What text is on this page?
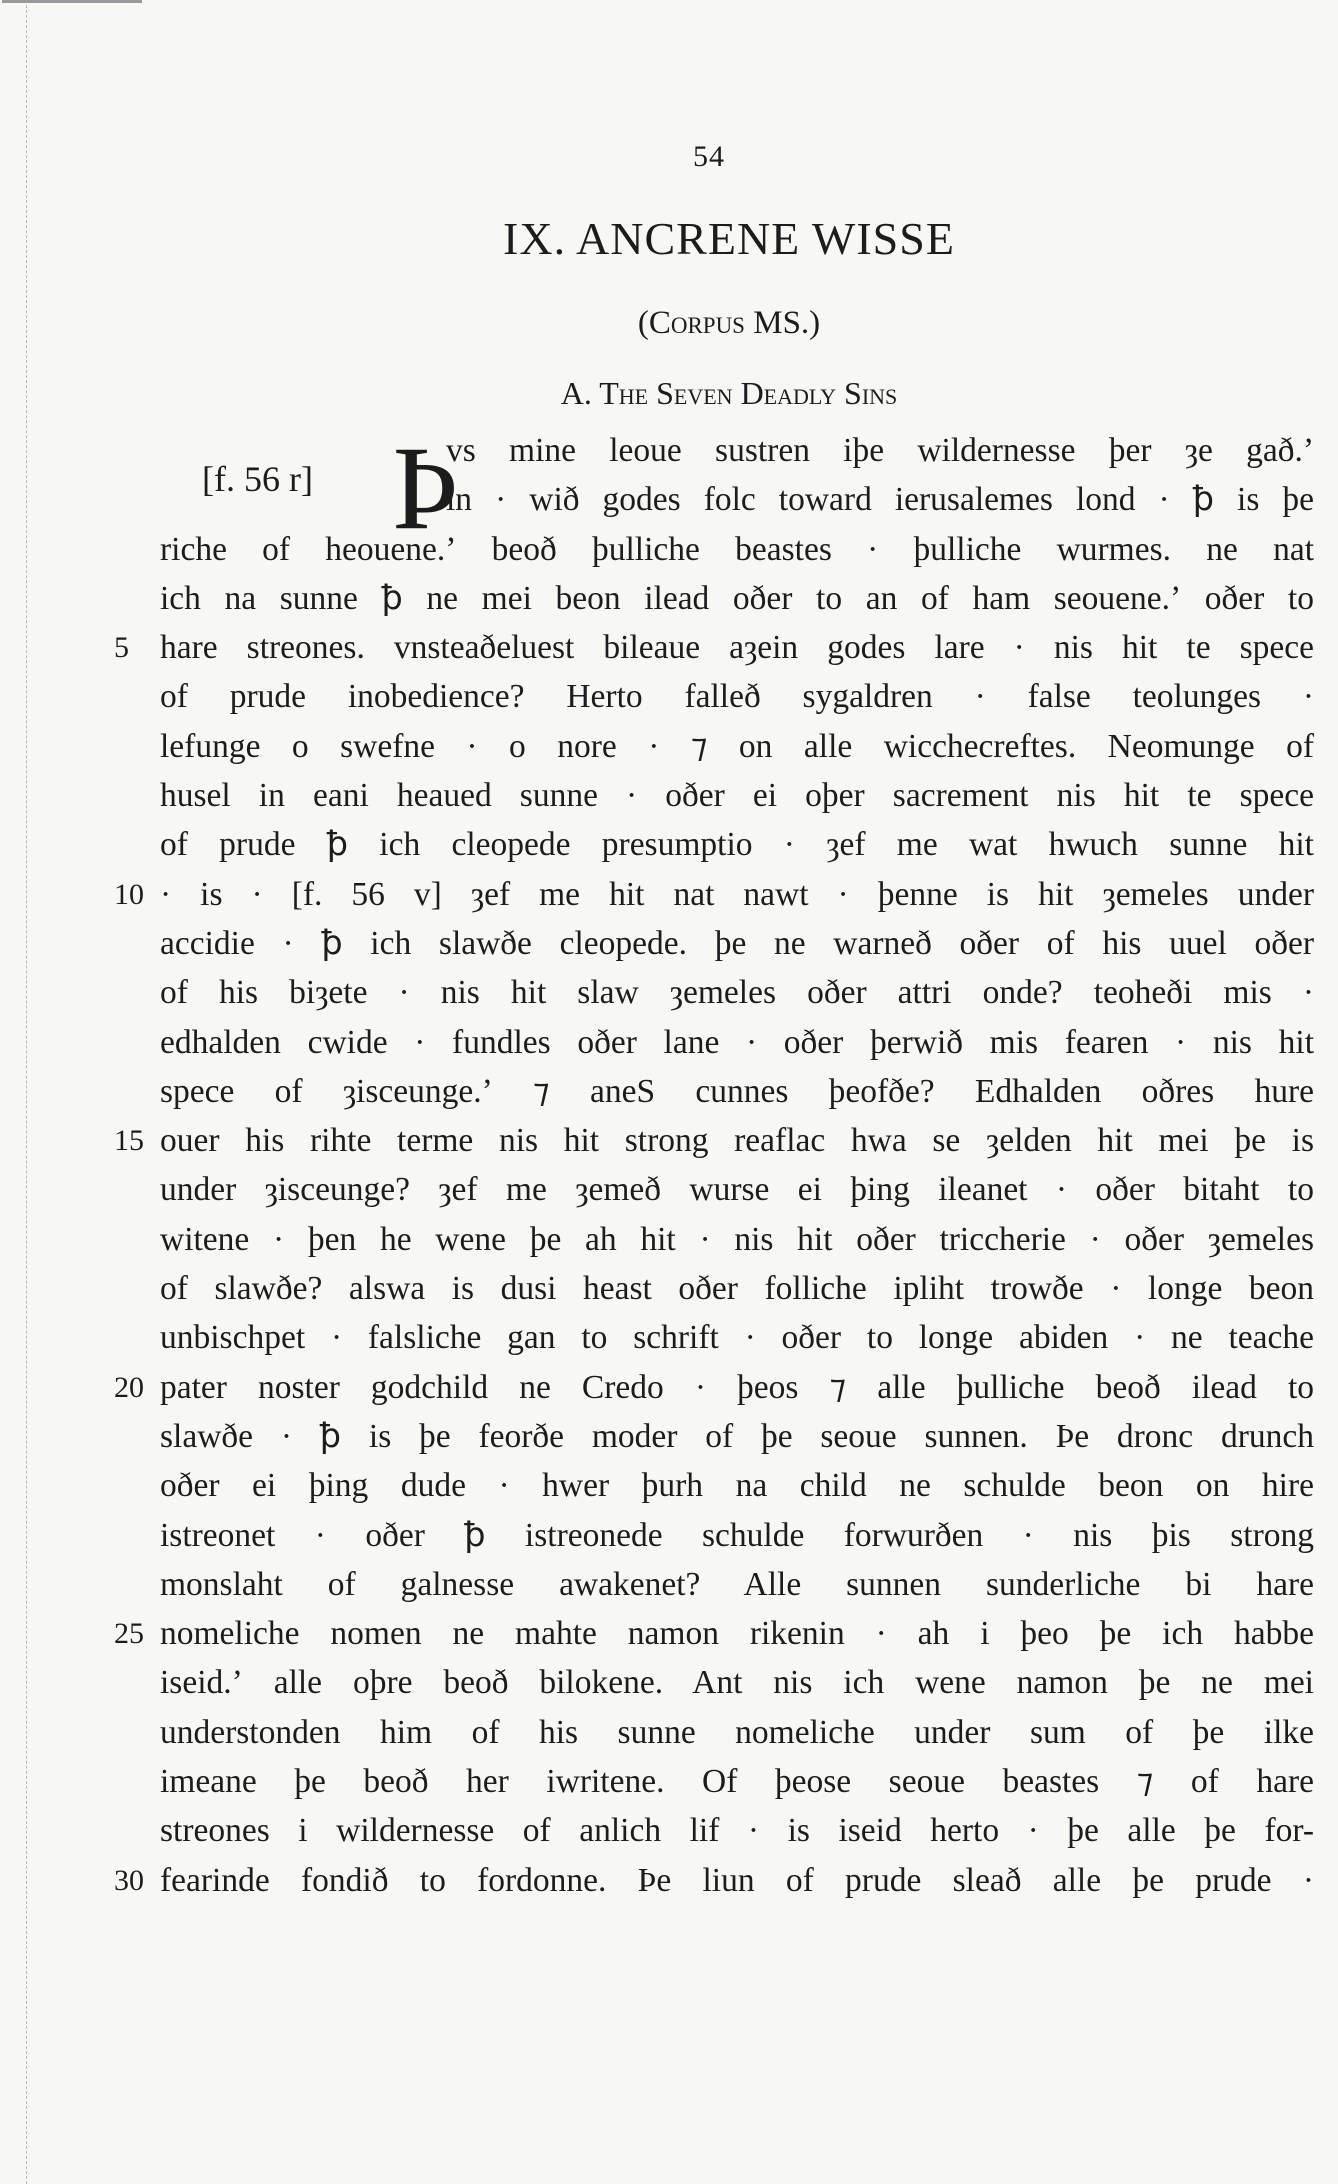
54
IX. ANCRENE WISSE
(Corpus MS.)
A. The Seven Deadly Sins
[f. 56 r] Þ
vs mine leoue sustren iþe wildernesse þer ȝe gað.ʼ
in · wið godes folc toward ierusalemes lond · ꝥ is þe
riche of heouene.ʼ beoð þulliche beastes · þulliche wurmes. ne nat
ich na sunne ꝥ ne mei beon ilead oðer to an of ham seouene.ʼ oðer to
5 hare streones. vnsteaðeluest bileaue aȝein godes lare · nis hit te spece
of prude inobedience? Herto falleð sygaldren · false teolunges ·
lefunge o swefne · o nore · ⁊ on alle wicchecreftes. Neomunge of
husel in eani heaued sunne · oðer ei oþer sacrement nis hit te spece
of prude ꝥ ich cleopede presumptio · ȝef me wat hwuch sunne hit
10 · is · [f. 56 v] ȝef me hit nat nawt · þenne is hit ȝemeles under
accidie · ꝥ ich slawðe cleopede. þe ne warneð oðer of his uuel oðer
of his biȝete · nis hit slaw ȝemeles oðer attri onde? teoheði mis ·
edhalden cwide · fundles oðer lane · oðer þerwið mis fearen · nis hit
spece of ȝisceunge.ʼ ⁊ aneS cunnes þeofðe? Edhalden oðres hure
15 ouer his rihte terme nis hit strong reaflac hwa se ȝelden hit mei þe is
under ȝisceunge? ȝef me ȝemeð wurse ei þing ileanet · oðer bitaht to
witene · þen he wene þe ah hit · nis hit oðer triccherie · oðer ȝemeles
of slawðe? alswa is dusi heast oðer folliche ipliht trowðe · longe beon
unbischpet · falsliche gan to schrift · oðer to longe abiden · ne teache
20 pater noster godchild ne Credo · þeos ⁊ alle þulliche beoð ilead to
slawðe · ꝥ is þe feorðe moder of þe seoue sunnen. Þe dronc drunch
oðer ei þing dude · hwer þurh na child ne schulde beon on hire
istreonet · oðer ꝥ istreonede schulde forwurðen · nis þis strong
monslaht of galnesse awakenet? Alle sunnen sunderliche bi hare
25 nomeliche nomen ne mahte namon rikenin · ah i þeo þe ich habbe
iseid.ʼ alle oþre beoð bilokene. Ant nis ich wene namon þe ne mei
understonden him of his sunne nomeliche under sum of þe ilke
imeane þe beoð her iwritene. Of þeose seoue beastes ⁊ of hare
streones i wildernesse of anlich lif · is iseid herto · þe alle þe for-
30 fearinde fondið to fordonne. Þe liun of prude sleað alle þe prude ·
